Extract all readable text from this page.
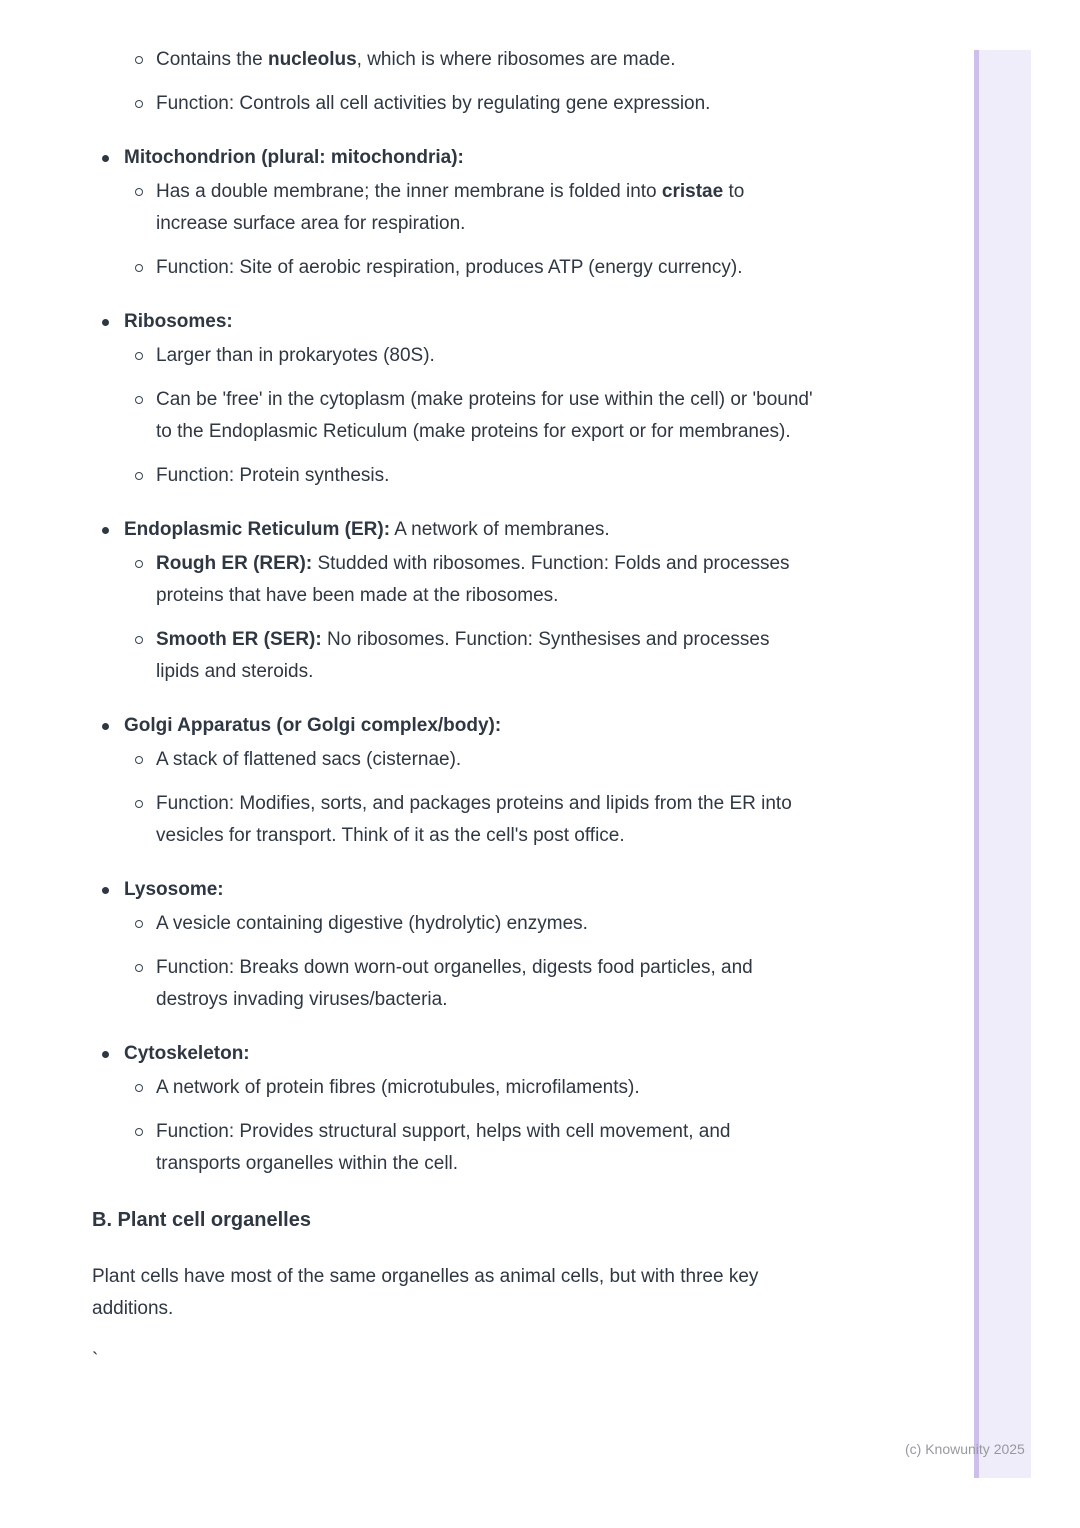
Contains the nucleolus, which is where ribosomes are made.
Function: Controls all cell activities by regulating gene expression.
Mitochondrion (plural: mitochondria):
Has a double membrane; the inner membrane is folded into cristae to increase surface area for respiration.
Function: Site of aerobic respiration, produces ATP (energy currency).
Ribosomes:
Larger than in prokaryotes (80S).
Can be 'free' in the cytoplasm (make proteins for use within the cell) or 'bound' to the Endoplasmic Reticulum (make proteins for export or for membranes).
Function: Protein synthesis.
Endoplasmic Reticulum (ER): A network of membranes.
Rough ER (RER): Studded with ribosomes. Function: Folds and processes proteins that have been made at the ribosomes.
Smooth ER (SER): No ribosomes. Function: Synthesises and processes lipids and steroids.
Golgi Apparatus (or Golgi complex/body):
A stack of flattened sacs (cisternae).
Function: Modifies, sorts, and packages proteins and lipids from the ER into vesicles for transport. Think of it as the cell's post office.
Lysosome:
A vesicle containing digestive (hydrolytic) enzymes.
Function: Breaks down worn-out organelles, digests food particles, and destroys invading viruses/bacteria.
Cytoskeleton:
A network of protein fibres (microtubules, microfilaments).
Function: Provides structural support, helps with cell movement, and transports organelles within the cell.
B. Plant cell organelles

Plant cells have most of the same organelles as animal cells, but with three key additions.

`

(c) Knowunity 2025
